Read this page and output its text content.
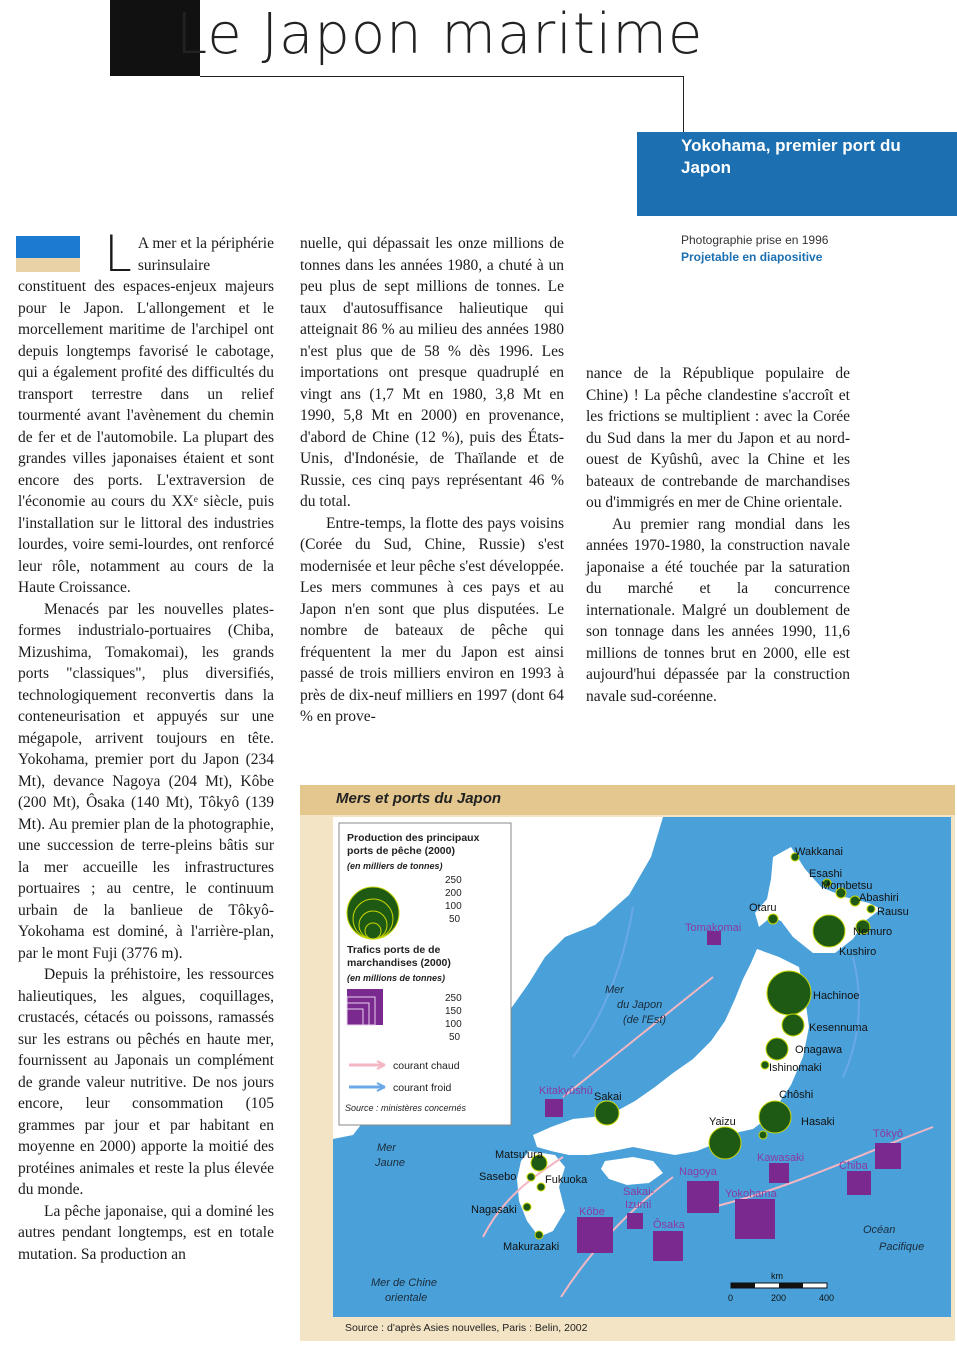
Le Japon maritime
Yokohama, premier port du Japon
Photographie prise en 1996
Projetable en diapositive

L A mer et la périphérie surinsulaire constituent des espaces-enjeux majeurs pour le Japon. L'allongement et le morcellement maritime de l'archipel ont depuis longtemps favorisé le cabotage, qui a également profité des difficultés du transport terrestre dans un relief tourmenté avant l'avènement du chemin de fer et de l'automobile. La plupart des grandes villes japonaises étaient et sont encore des ports. L'extraversion de l'économie au cours du XXᵉ siècle, puis l'installation sur le littoral des industries lourdes, voire semi-lourdes, ont renforcé leur rôle, notamment au cours de la Haute Croissance.

Menacés par les nouvelles plates-formes industrialo-portuaires (Chiba, Mizushima, Tomakomai), les grands ports "classiques", plus diversifiés, technologiquement reconvertis dans la conteneurisation et appuyés sur une mégapole, arrivent toujours en tête. Yokohama, premier port du Japon (234 Mt), devance Nagoya (204 Mt), Kôbe (200 Mt), Ôsaka (140 Mt), Tôkyô (139 Mt). Au premier plan de la photographie, une succession de terre-pleins bâtis sur la mer accueille les infrastructures portuaires ; au centre, le continuum urbain de la banlieue de Tôkyô-Yokohama est dominé, à l'arrière-plan, par le mont Fuji (3776 m).

Depuis la préhistoire, les ressources halieutiques, les algues, coquillages, crustacés, cétacés ou poissons, ramassés sur les estrans ou pêchés en haute mer, fournissent au Japonais un complément de grande valeur nutritive. De nos jours encore, leur consommation (105 grammes par jour et par habitant en moyenne en 2000) apporte la moitié des protéines animales et reste la plus élevée du monde.

La pêche japonaise, qui a dominé les autres pendant longtemps, est en totale mutation. Sa production an

nuelle, qui dépassait les onze millions de tonnes dans les années 1980, a chuté à un peu plus de sept millions de tonnes. Le taux d'autosuffisance halieutique qui atteignait 86 % au milieu des années 1980 n'est plus que de 58 % dès 1996. Les importations ont presque quadruplé en vingt ans (1,7 Mt en 1980, 3,8 Mt en 1990, 5,8 Mt en 2000) en provenance, d'abord de Chine (12 %), puis des États-Unis, d'Indonésie, de Thaïlande et de Russie, ces cinq pays représentant 46 % du total.

Entre-temps, la flotte des pays voisins (Corée du Sud, Chine, Russie) s'est modernisée et leur pêche s'est développée. Les mers communes à ces pays et au Japon n'en sont que plus disputées. Le nombre de bateaux de pêche qui fréquentent la mer du Japon est ainsi passé de trois milliers environ en 1993 à près de dix-neuf milliers en 1997 (dont 64 % en prove-

nance de la République populaire de Chine) ! La pêche clandestine s'accroît et les frictions se multiplient : avec la Corée du Sud dans la mer du Japon et au nord-ouest de Kyûshû, avec la Chine et les bateaux de contrebande de marchandises ou d'immigrés en mer de Chine orientale.

Au premier rang mondial dans les années 1970-1980, la construction navale japonaise a été touchée par la saturation du marché et la concurrence internationale. Malgré un doublement de son tonnage dans les années 1990, 11,6 millions de tonnes brut en 2000, elle est aujourd'hui dépassée par la construction navale sud-coréenne.

Mers et ports du Japon
Production des principaux ports de pêche (2000)
(en milliers de tonnes)
250
200
100
50
Trafics ports de de marchandises (2000)
(en millions de tonnes)
250
150
100
50
courant chaud
courant froid
Source : ministères concernés
Mer du Japon (de l'Est)
Mer Jaune
Mer de Chine orientale
Océan Pacifique
Wakkanai
Esashi
Mombetsu
Abashiri
Rausu
Otaru
Nemuro
Kushiro
Hachinoe
Kesennuma
Onagawa
Ishinomaki
Chôshi
Hasaki
Yaizu
Sakai
Matsu'ura
Sasebo	Fukuoka
Nagasaki
Makurazaki
Tomakomai
Kitakyûshû
Tôkyô
Kawasaki
Chiba
Nagoya
Yokohama
Sakai- Izumi
Kôbe
Ôsaka
km
0	200	400
Source : d'après Asies nouvelles, Paris : Belin, 2002
